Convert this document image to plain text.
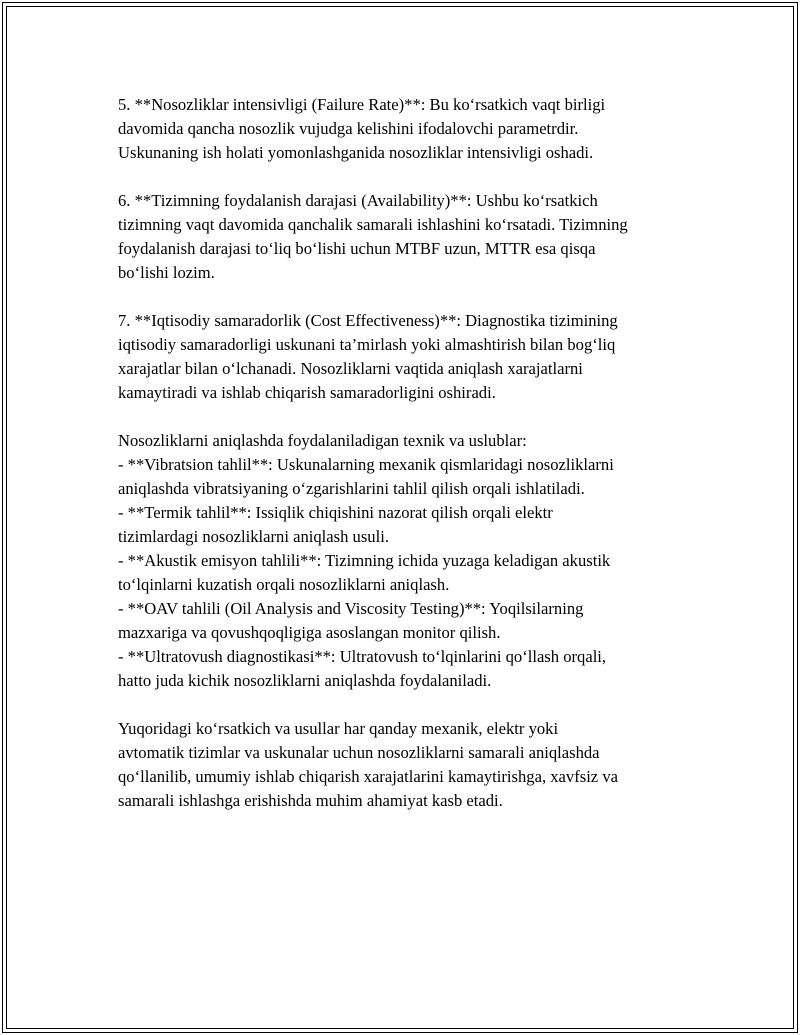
5. **Nosozliklar intensivligi (Failure Rate)**: Bu ko‘rsatkich vaqt birligi
davomida qancha nosozlik vujudga kelishini ifodalovchi parametrdir.
Uskunaning ish holati yomonlashganida nosozliklar intensivligi oshadi.
6. **Tizimning foydalanish darajasi (Availability)**: Ushbu ko‘rsatkich
tizimning vaqt davomida qanchalik samarali ishlashini ko‘rsatadi. Tizimning
foydalanish darajasi to‘liq bo‘lishi uchun MTBF uzun, MTTR esa qisqa
bo‘lishi lozim.
7. **Iqtisodiy samaradorlik (Cost Effectiveness)**: Diagnostika tizimining
iqtisodiy samaradorligi uskunani ta’mirlash yoki almashtirish bilan bog‘liq
xarajatlar bilan o‘lchanadi. Nosozliklarni vaqtida aniqlash xarajatlarni
kamaytiradi va ishlab chiqarish samaradorligini oshiradi.
Nosozliklarni aniqlashda foydalaniladigan texnik va uslublar:
- **Vibratsion tahlil**: Uskunalarning mexanik qismlaridagi nosozliklarni
aniqlashda vibratsiyaning o‘zgarishlarini tahlil qilish orqali ishlatiladi.
- **Termik tahlil**: Issiqlik chiqishini nazorat qilish orqali elektr
tizimlardagi nosozliklarni aniqlash usuli.
- **Akustik emisyon tahlili**: Tizimning ichida yuzaga keladigan akustik
to‘lqinlarni kuzatish orqali nosozliklarni aniqlash.
- **OAV tahlili (Oil Analysis and Viscosity Testing)**: Yoqilsilarning
mazxariga va qovushqoqligiga asoslangan monitor qilish.
- **Ultratovush diagnostikasi**: Ultratovush to‘lqinlarini qo‘llash orqali,
hatto juda kichik nosozliklarni aniqlashda foydalaniladi.
Yuqoridagi ko‘rsatkich va usullar har qanday mexanik, elektr yoki
avtomatik tizimlar va uskunalar uchun nosozliklarni samarali aniqlashda
qo‘llanilib, umumiy ishlab chiqarish xarajatlarini kamaytirishga, xavfsiz va
samarali ishlashga erishishda muhim ahamiyat kasb etadi.
